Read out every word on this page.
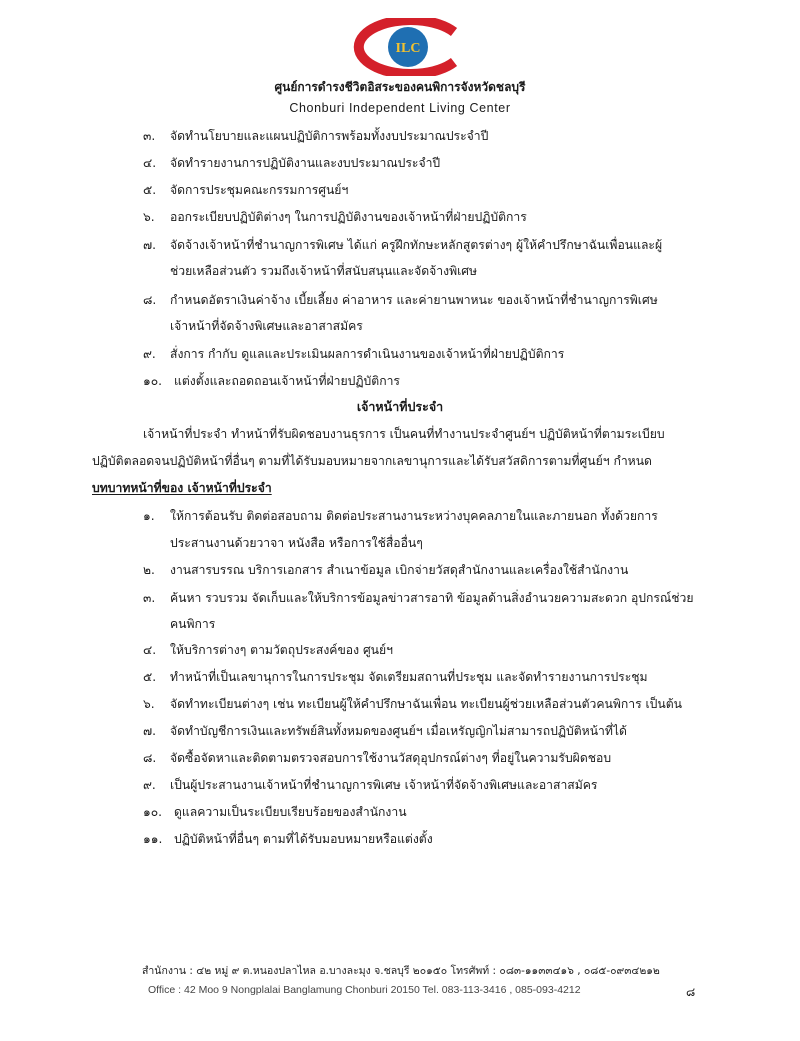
ILC
ศูนย์การดำรงชีวิตอิสระของคนพิการจังหวัดชลบุรี
Chonburi Independent Living Center
๓. จัดทำนโยบายและแผนปฏิบัติการพร้อมทั้งงบประมาณประจำปี
๔. จัดทำรายงานการปฏิบัติงานและงบประมาณประจำปี
๕. จัดการประชุมคณะกรรมการศูนย์ฯ
๖. ออกระเบียบปฏิบัติต่างๆ ในการปฏิบัติงานของเจ้าหน้าที่ฝ่ายปฏิบัติการ
๗. จัดจ้างเจ้าหน้าที่ชำนาญการพิเศษ ได้แก่ ครูฝึกทักษะหลักสูตรต่างๆ ผู้ให้คำปรึกษาฉันเพื่อนและผู้
ช่วยเหลือส่วนตัว รวมถึงเจ้าหน้าที่สนับสนุนและจัดจ้างพิเศษ
๘. กำหนดอัตราเงินค่าจ้าง เบี้ยเลี้ยง ค่าอาหาร และค่ายานพาหนะ ของเจ้าหน้าที่ชำนาญการพิเศษ
เจ้าหน้าที่จัดจ้างพิเศษและอาสาสมัคร
๙. สั่งการ กำกับ ดูแลและประเมินผลการดำเนินงานของเจ้าหน้าที่ฝ่ายปฏิบัติการ
๑๐. แต่งตั้งและถอดถอนเจ้าหน้าที่ฝ่ายปฏิบัติการ
เจ้าหน้าที่ประจำ
เจ้าหน้าที่ประจำ ทำหน้าที่รับผิดชอบงานธุรการ เป็นคนที่ทำงานประจำศูนย์ฯ ปฏิบัติหน้าที่ตามระเบียบ
ปฏิบัติตลอดจนปฏิบัติหน้าที่อื่นๆ ตามที่ได้รับมอบหมายจากเลขานุการและได้รับสวัสดิการตามที่ศูนย์ฯ กำหนด
บทบาทหน้าที่ของ เจ้าหน้าที่ประจำ
๑. ให้การต้อนรับ ติดต่อสอบถาม ติดต่อประสานงานระหว่างบุคคลภายในและภายนอก ทั้งด้วยการ
ประสานงานด้วยวาจา หนังสือ หรือการใช้สื่ออื่นๆ
๒. งานสารบรรณ บริการเอกสาร สำเนาข้อมูล เบิกจ่ายวัสดุสำนักงานและเครื่องใช้สำนักงาน
๓. ค้นหา รวบรวม จัดเก็บและให้บริการข้อมูลข่าวสารอาทิ ข้อมูลด้านสิ่งอำนวยความสะดวก อุปกรณ์ช่วย
คนพิการ
๔. ให้บริการต่างๆ ตามวัตถุประสงค์ของ ศูนย์ฯ
๕. ทำหน้าที่เป็นเลขานุการในการประชุม จัดเตรียมสถานที่ประชุม และจัดทำรายงานการประชุม
๖. จัดทำทะเบียนต่างๆ เช่น ทะเบียนผู้ให้คำปรึกษาฉันเพื่อน ทะเบียนผู้ช่วยเหลือส่วนตัวคนพิการ เป็นต้น
๗. จัดทำบัญชีการเงินและทรัพย์สินทั้งหมดของศูนย์ฯ เมื่อเหรัญญิกไม่สามารถปฏิบัติหน้าที่ได้
๘. จัดซื้อจัดหาและติดตามตรวจสอบการใช้งานวัสดุอุปกรณ์ต่างๆ ที่อยู่ในความรับผิดชอบ
๙. เป็นผู้ประสานงานเจ้าหน้าที่ชำนาญการพิเศษ เจ้าหน้าที่จัดจ้างพิเศษและอาสาสมัคร
๑๐. ดูแลความเป็นระเบียบเรียบร้อยของสำนักงาน
๑๑. ปฏิบัติหน้าที่อื่นๆ ตามที่ได้รับมอบหมายหรือแต่งตั้ง
สำนักงาน : ๔๒ หมู่ ๙ ต.หนองปลาไหล อ.บางละมุง จ.ชลบุรี ๒๐๑๕๐ โทรศัพท์ : ๐๘๓-๑๑๓๓๔๑๖ , ๐๘๕-๐๙๓๔๒๑๒
Office : 42 Moo 9 Nongplalai Banglamung Chonburi 20150 Tel. 083-113-3416 , 085-093-4212	๘
